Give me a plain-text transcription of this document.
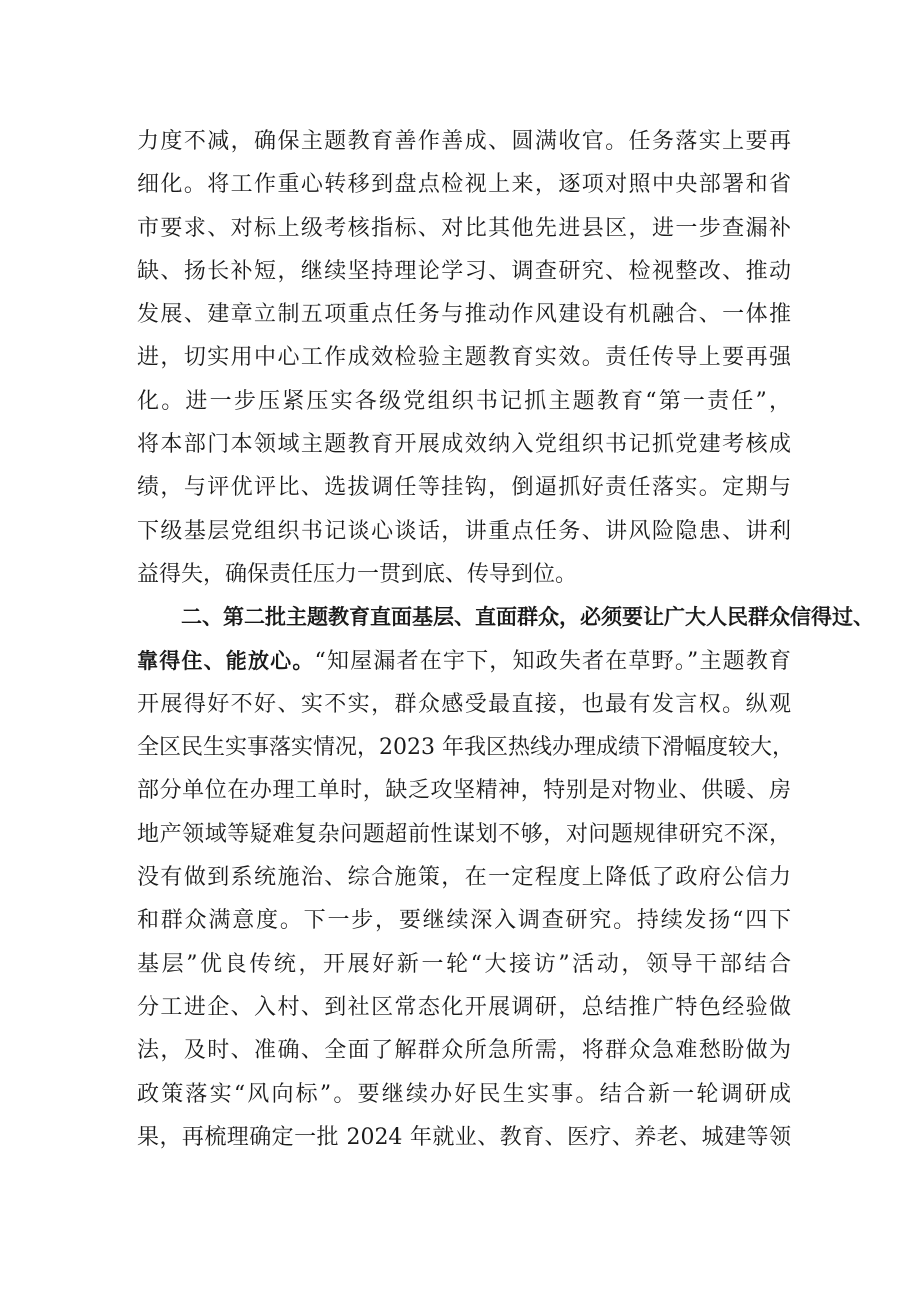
力度不减，确保主题教育善作善成、圆满收官。任务落实上要再
细化。将工作重心转移到盘点检视上来，逐项对照中央部署和省
市要求、对标上级考核指标、对比其他先进县区，进一步查漏补
缺、扬长补短，继续坚持理论学习、调查研究、检视整改、推动
发展、建章立制五项重点任务与推动作风建设有机融合、一体推
进，切实用中心工作成效检验主题教育实效。责任传导上要再强
化。进一步压紧压实各级党组织书记抓主题教育“第一责任”，
将本部门本领域主题教育开展成效纳入党组织书记抓党建考核成
绩，与评优评比、选拔调任等挂钩，倒逼抓好责任落实。定期与
下级基层党组织书记谈心谈话，讲重点任务、讲风险隐患、讲利
益得失，确保责任压力一贯到底、传导到位。
二、第二批主题教育直面基层、直面群众，必须要让广大人民群众信得过、
靠得住、能放心。“知屋漏者在宇下，知政失者在草野。”主题教育
开展得好不好、实不实，群众感受最直接，也最有发言权。纵观
全区民生实事落实情况，2023 年我区热线办理成绩下滑幅度较大，
部分单位在办理工单时，缺乏攻坚精神，特别是对物业、供暖、房
地产领域等疑难复杂问题超前性谋划不够，对问题规律研究不深，
没有做到系统施治、综合施策，在一定程度上降低了政府公信力
和群众满意度。下一步，要继续深入调查研究。持续发扬“四下
基层”优良传统，开展好新一轮“大接访”活动，领导干部结合
分工进企、入村、到社区常态化开展调研，总结推广特色经验做
法，及时、准确、全面了解群众所急所需，将群众急难愁盼做为
政策落实“风向标”。要继续办好民生实事。结合新一轮调研成
果，再梳理确定一批 2024 年就业、教育、医疗、养老、城建等领
